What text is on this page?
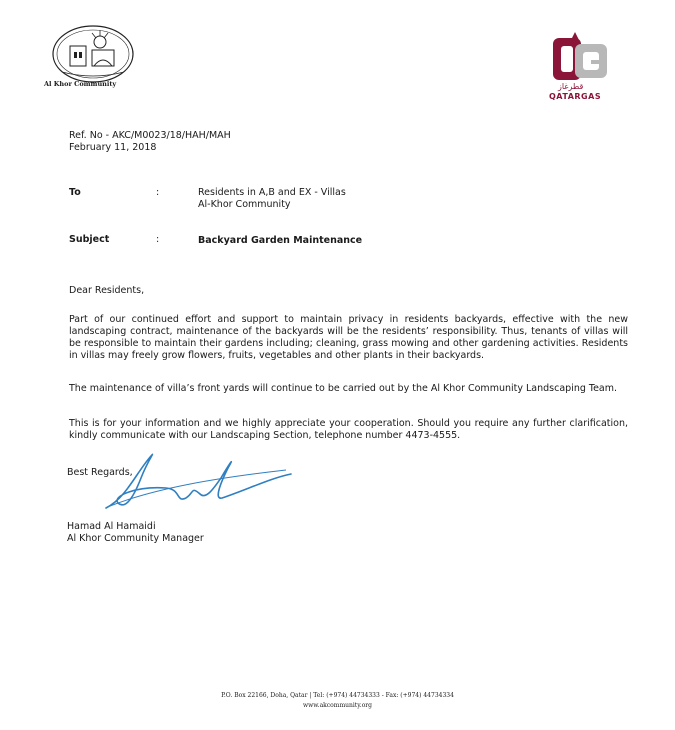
Al Khor Community	قطرغاز
QATARGAS
Ref. No - AKC/M0023/18/HAH/MAH
February 11, 2018
To	:	Residents in A,B and EX - Villas
Al-Khor Community
Subject	:	Backyard Garden Maintenance
Dear Residents,
Part of our continued effort and support to maintain privacy in residents backyards, effective with the new landscaping contract, maintenance of the backyards will be the residents’ responsibility. Thus, tenants of villas will be responsible to maintain their gardens including; cleaning, grass mowing and other gardening activities. Residents in villas may freely grow flowers, fruits, vegetables and other plants in their backyards.
The maintenance of villa’s front yards will continue to be carried out by the Al Khor Community Landscaping Team.
This is for your information and we highly appreciate your cooperation. Should you require any further clarification, kindly communicate with our Landscaping Section, telephone number 4473-4555.
Best Regards,
Hamad Al Hamaidi
Al Khor Community Manager
P.O. Box 22166, Doha, Qatar | Tel: (+974) 44734333 - Fax: (+974) 44734334
www.akcommunity.org
